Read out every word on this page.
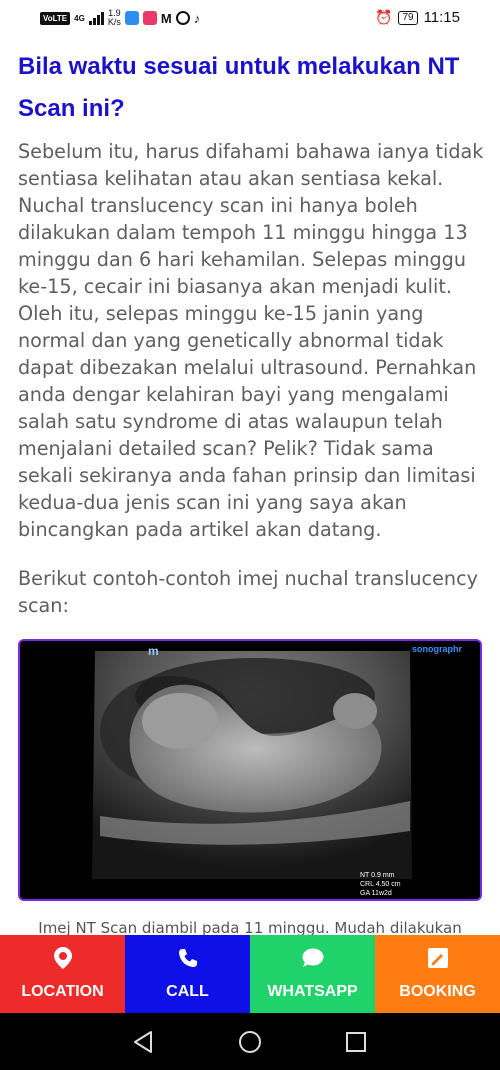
VoLTE 4G	1.9
K/s	M ♪	⏰	79 11:15
Bila waktu sesuai untuk melakukan NT Scan ini?

Sebelum itu, harus difahami bahawa ianya tidak sentiasa kelihatan atau akan sentiasa kekal. Nuchal translucency scan ini hanya boleh dilakukan dalam tempoh 11 minggu hingga 13 minggu dan 6 hari kehamilan. Selepas minggu ke-15, cecair ini biasanya akan menjadi kulit. Oleh itu, selepas minggu ke-15 janin yang normal dan yang genetically abnormal tidak dapat dibezakan melalui ultrasound. Pernahkan anda dengar kelahiran bayi yang mengalami salah satu syndrome di atas walaupun telah menjalani detailed scan? Pelik? Tidak sama sekali sekiranya anda fahan prinsip dan limitasi kedua-dua jenis scan ini yang saya akan bincangkan pada artikel akan datang.

Berikut contoh-contoh imej nuchal translucency scan:

m	sonographr
NT 0.9 mm
CRL 4.50 cm
GA 11w2d

Imej NT Scan diambil pada 11 minggu. Mudah dilakukan

LOCATION	CALL	WHATSAPP	BOOKING
